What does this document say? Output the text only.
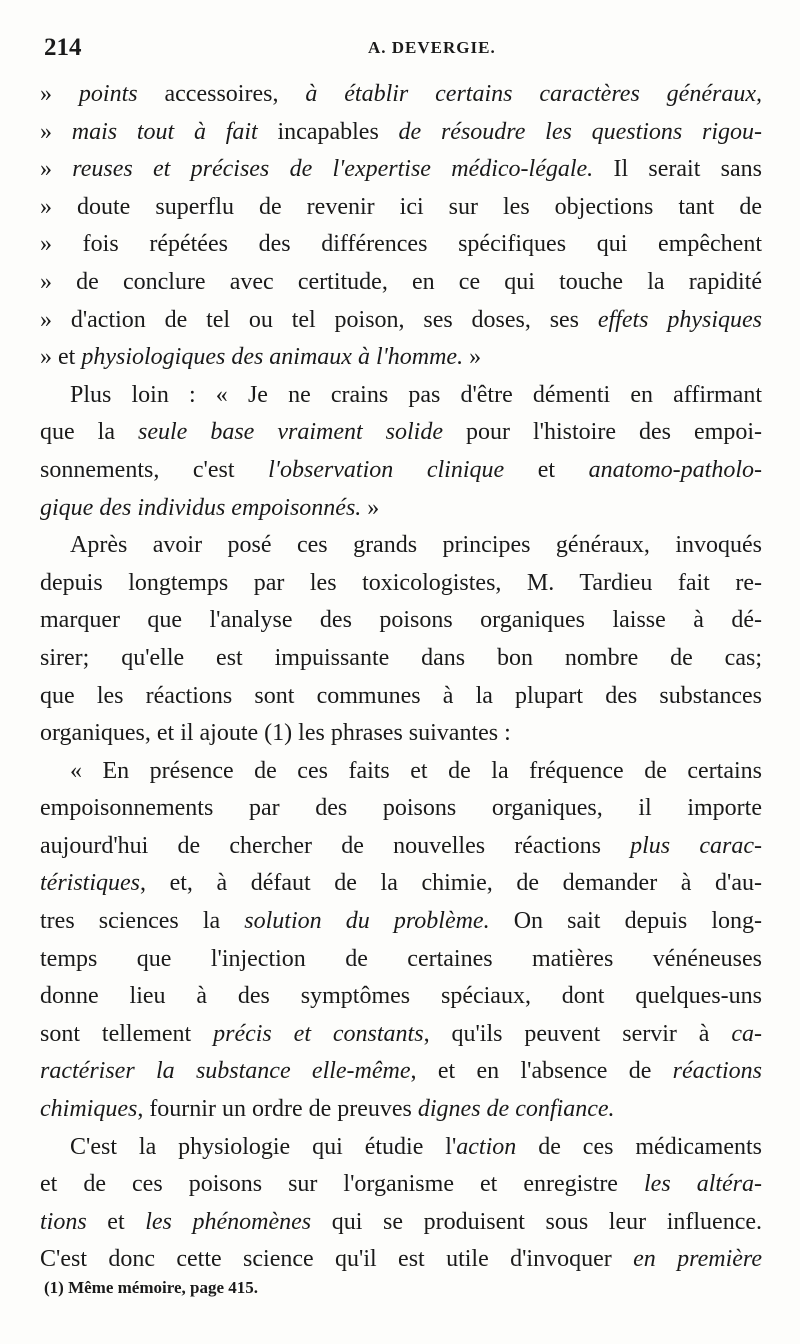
214	A. DEVERGIE.
» points accessoires, à établir certains caractères généraux,
» mais tout à fait incapables de résoudre les questions rigou-
» reuses et précises de l'expertise médico-légale. Il serait sans
» doute superflu de revenir ici sur les objections tant de
» fois répétées des différences spécifiques qui empêchent
» de conclure avec certitude, en ce qui touche la rapidité
» d'action de tel ou tel poison, ses doses, ses effets physiques
» et physiologiques des animaux à l'homme. »
Plus loin : « Je ne crains pas d'être démenti en affirmant
que la seule base vraiment solide pour l'histoire des empoi-
sonnements, c'est l'observation clinique et anatomo-patholo-
gique des individus empoisonnés. »
Après avoir posé ces grands principes généraux, invoqués
depuis longtemps par les toxicologistes, M. Tardieu fait re-
marquer que l'analyse des poisons organiques laisse à dé-
sirer; qu'elle est impuissante dans bon nombre de cas;
que les réactions sont communes à la plupart des substances
organiques, et il ajoute (1) les phrases suivantes :
« En présence de ces faits et de la fréquence de certains
empoisonnements par des poisons organiques, il importe
aujourd'hui de chercher de nouvelles réactions plus carac-
téristiques, et, à défaut de la chimie, de demander à d'au-
tres sciences la solution du problème. On sait depuis long-
temps que l'injection de certaines matières vénéneuses
donne lieu à des symptômes spéciaux, dont quelques-uns
sont tellement précis et constants, qu'ils peuvent servir à ca-
ractériser la substance elle-même, et en l'absence de réactions
chimiques, fournir un ordre de preuves dignes de confiance.
C'est la physiologie qui étudie l'action de ces médicaments
et de ces poisons sur l'organisme et enregistre les altéra-
tions et les phénomènes qui se produisent sous leur influence.
C'est donc cette science qu'il est utile d'invoquer en première
(1) Même mémoire, page 415.
